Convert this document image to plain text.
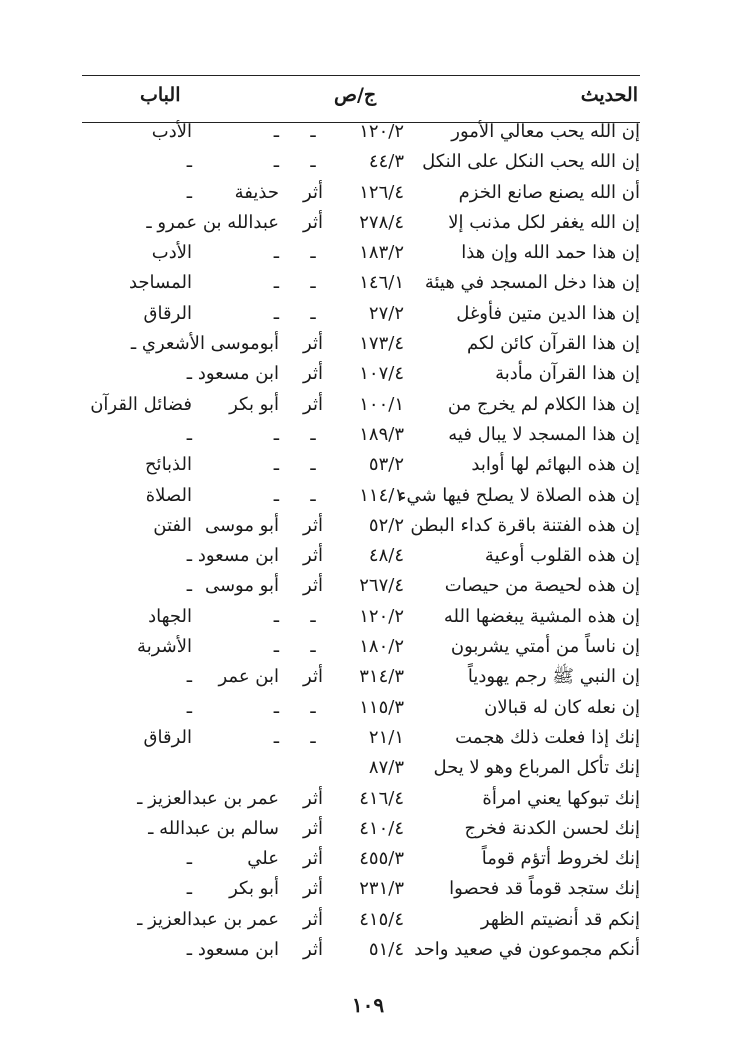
الحديث
ج/ص
الباب
إن الله يحب معالي الأمور
١٢٠/٢
ـ
ـ
الأدب
إن الله يحب النكل على النكل
٤٤/٣
ـ
ـ
ـ
أن الله يصنع صانع الخزم
١٢٦/٤
أثر
حذيفة
ـ
إن الله يغفر لكل مذنب إلا
٢٧٨/٤
أثر
عبدالله بن عمرو ـ
إن هذا حمد الله وإن هذا
١٨٣/٢
ـ
ـ
الأدب
إن هذا دخل المسجد في هيئة
١٤٦/١
ـ
ـ
المساجد
إن هذا الدين متين فأوغل
٢٧/٢
ـ
ـ
الرقاق
إن هذا القرآن كائن لكم
١٧٣/٤
أثر
أبوموسى الأشعري ـ
إن هذا القرآن مأدبة
١٠٧/٤
أثر
ابن مسعود
ـ
إن هذا الكلام لم يخرج من
١٠٠/١
أثر
أبو بكر
فضائل القرآن
إن هذا المسجد لا يبال فيه
١٨٩/٣
ـ
ـ
ـ
إن هذه البهائم لها أوابد
٥٣/٢
ـ
ـ
الذبائح
إن هذه الصلاة لا يصلح فيها شيء
١١٤/١
ـ
ـ
الصلاة
إن هذه الفتنة باقرة كداء البطن
٥٢/٢
أثر
أبو موسى
الفتن
إن هذه القلوب أوعية
٤٨/٤
أثر
ابن مسعود
ـ
إن هذه لحيصة من حيصات
٢٦٧/٤
أثر
أبو موسى
ـ
إن هذه المشية يبغضها الله
١٢٠/٢
ـ
ـ
الجهاد
إن ناساً من أمتي يشربون
١٨٠/٢
ـ
ـ
الأشربة
إن النبي ﷺ رجم يهودياً
٣١٤/٣
أثر
ابن عمر
ـ
إن نعله كان له قبالان
١١٥/٣
ـ
ـ
ـ
إنك إذا فعلت ذلك هجمت
٢١/١
ـ
ـ
الرقاق
إنك تأكل المرباع وهو لا يحل
٨٧/٣
إنك تبوكها يعني امرأة
٤١٦/٤
أثر
عمر بن عبدالعزيز ـ
إنك لحسن الكدنة فخرج
٤١٠/٤
أثر
سالم بن عبدالله ـ
إنك لخروط أتؤم قوماً
٤٥٥/٣
أثر
علي
ـ
إنك ستجد قوماً قد فحصوا
٢٣١/٣
أثر
أبو بكر
ـ
إنكم قد أنضيتم الظهر
٤١٥/٤
أثر
عمر بن عبدالعزيز ـ
أنكم مجموعون في صعيد واحد
٥١/٤
أثر
ابن مسعود
ـ
١٠٩
